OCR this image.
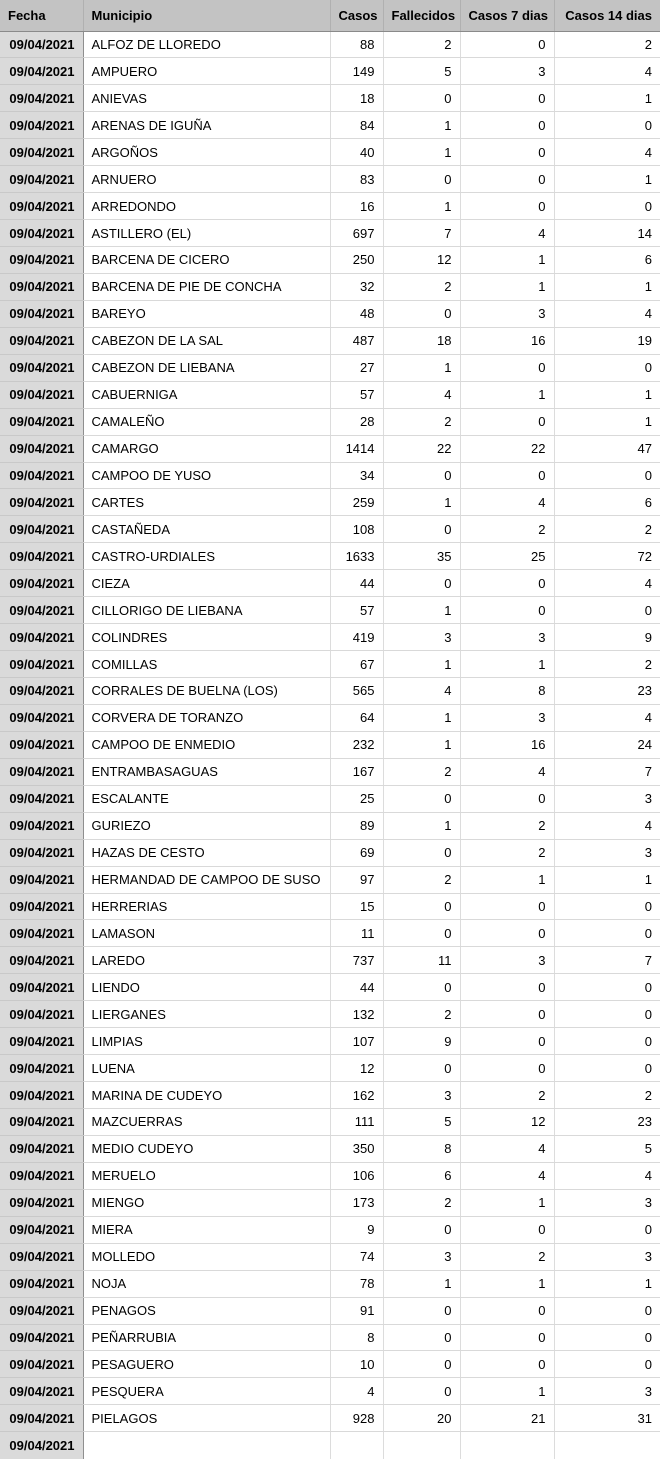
Fecha	Municipio	Casos	Fallecidos	Casos 7 dias	Casos 14 dias
09/04/2021	ALFOZ DE LLOREDO	88	2	0	2
09/04/2021	AMPUERO	149	5	3	4
09/04/2021	ANIEVAS	18	0	0	1
09/04/2021	ARENAS DE IGUÑA	84	1	0	0
09/04/2021	ARGOÑOS	40	1	0	4
09/04/2021	ARNUERO	83	0	0	1
09/04/2021	ARREDONDO	16	1	0	0
09/04/2021	ASTILLERO (EL)	697	7	4	14
09/04/2021	BARCENA DE CICERO	250	12	1	6
09/04/2021	BARCENA DE PIE DE CONCHA	32	2	1	1
09/04/2021	BAREYO	48	0	3	4
09/04/2021	CABEZON DE LA SAL	487	18	16	19
09/04/2021	CABEZON DE LIEBANA	27	1	0	0
09/04/2021	CABUERNIGA	57	4	1	1
09/04/2021	CAMALEÑO	28	2	0	1
09/04/2021	CAMARGO	1414	22	22	47
09/04/2021	CAMPOO DE YUSO	34	0	0	0
09/04/2021	CARTES	259	1	4	6
09/04/2021	CASTAÑEDA	108	0	2	2
09/04/2021	CASTRO-URDIALES	1633	35	25	72
09/04/2021	CIEZA	44	0	0	4
09/04/2021	CILLORIGO DE LIEBANA	57	1	0	0
09/04/2021	COLINDRES	419	3	3	9
09/04/2021	COMILLAS	67	1	1	2
09/04/2021	CORRALES DE BUELNA (LOS)	565	4	8	23
09/04/2021	CORVERA DE TORANZO	64	1	3	4
09/04/2021	CAMPOO DE ENMEDIO	232	1	16	24
09/04/2021	ENTRAMBASAGUAS	167	2	4	7
09/04/2021	ESCALANTE	25	0	0	3
09/04/2021	GURIEZO	89	1	2	4
09/04/2021	HAZAS DE CESTO	69	0	2	3
09/04/2021	HERMANDAD DE CAMPOO DE SUSO	97	2	1	1
09/04/2021	HERRERIAS	15	0	0	0
09/04/2021	LAMASON	11	0	0	0
09/04/2021	LAREDO	737	11	3	7
09/04/2021	LIENDO	44	0	0	0
09/04/2021	LIERGANES	132	2	0	0
09/04/2021	LIMPIAS	107	9	0	0
09/04/2021	LUENA	12	0	0	0
09/04/2021	MARINA DE CUDEYO	162	3	2	2
09/04/2021	MAZCUERRAS	111	5	12	23
09/04/2021	MEDIO CUDEYO	350	8	4	5
09/04/2021	MERUELO	106	6	4	4
09/04/2021	MIENGO	173	2	1	3
09/04/2021	MIERA	9	0	0	0
09/04/2021	MOLLEDO	74	3	2	3
09/04/2021	NOJA	78	1	1	1
09/04/2021	PENAGOS	91	0	0	0
09/04/2021	PEÑARRUBIA	8	0	0	0
09/04/2021	PESAGUERO	10	0	0	0
09/04/2021	PESQUERA	4	0	1	3
09/04/2021	PIELAGOS	928	20	21	31
09/04/2021					
